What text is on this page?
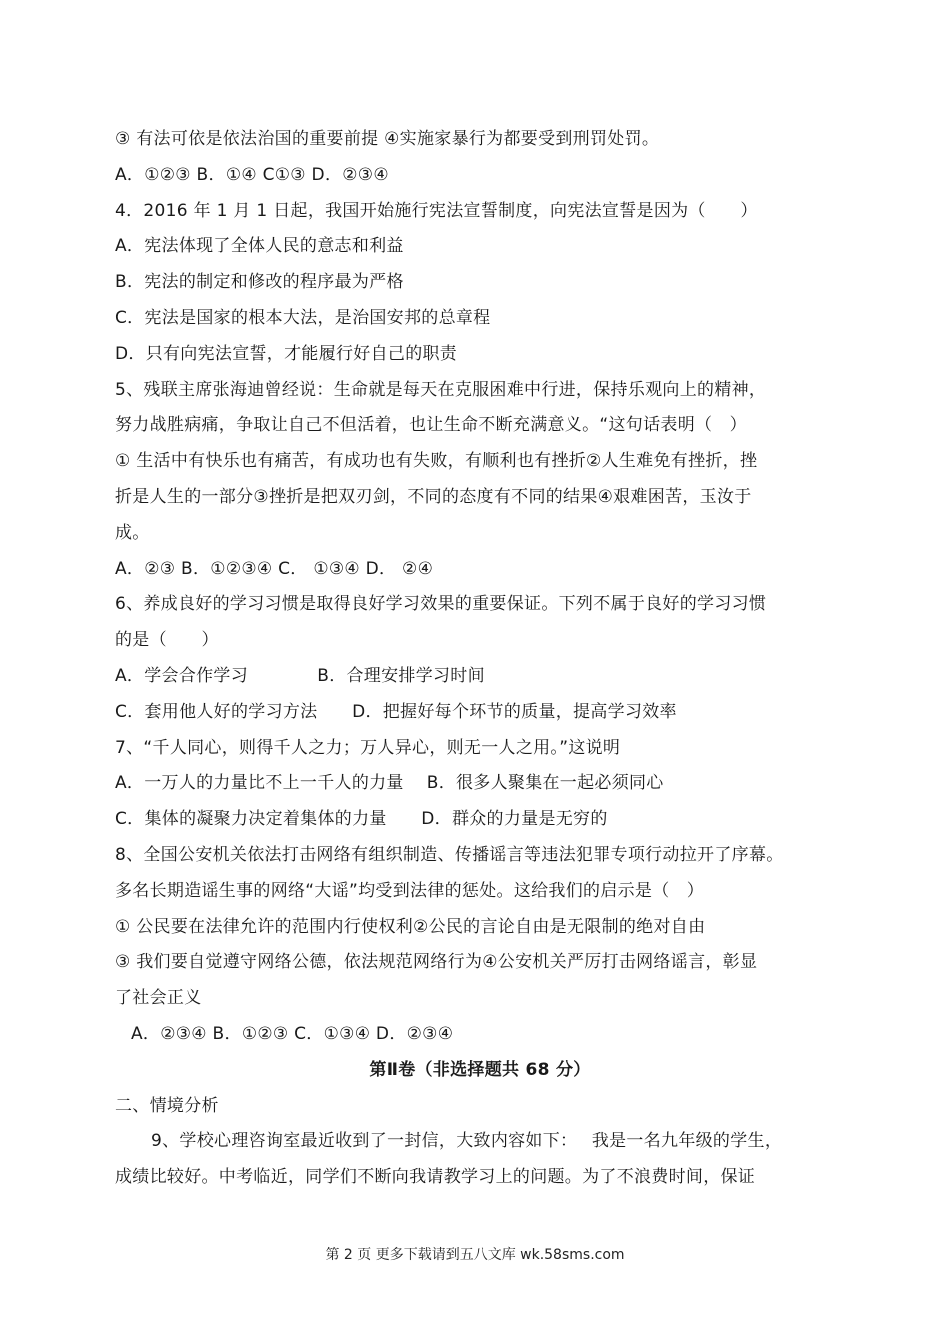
③ 有法可依是依法治国的重要前提 ④实施家暴行为都要受到刑罚处罚。
A．①②③ B．①④ C①③ D．②③④
4．2016 年 1 月 1 日起，我国开始施行宪法宣誓制度，向宪法宣誓是因为（　　）
A．宪法体现了全体人民的意志和利益
B．宪法的制定和修改的程序最为严格
C．宪法是国家的根本大法，是治国安邦的总章程
D．只有向宪法宣誓，才能履行好自己的职责
5、残联主席张海迪曾经说：生命就是每天在克服困难中行进，保持乐观向上的精神，
努力战胜病痛，争取让自己不但活着，也让生命不断充满意义。“这句话表明（　）
① 生活中有快乐也有痛苦，有成功也有失败，有顺利也有挫折②人生难免有挫折，挫
折是人生的一部分③挫折是把双刃剑，不同的态度有不同的结果④艰难困苦，玉汝于
成。
A．②③ B．①②③④ C． ①③④ D． ②④
6、养成良好的学习习惯是取得良好学习效果的重要保证。下列不属于良好的学习习惯
的是（　　）
A．学会合作学习　　　　B．合理安排学习时间
C．套用他人好的学习方法　　D．把握好每个环节的质量，提高学习效率
7、“千人同心，则得千人之力；万人异心，则无一人之用。”这说明
A．一万人的力量比不上一千人的力量　 B．很多人聚集在一起必须同心
C．集体的凝聚力决定着集体的力量　　D．群众的力量是无穷的
8、全国公安机关依法打击网络有组织制造、传播谣言等违法犯罪专项行动拉开了序幕。
多名长期造谣生事的网络“大谣”均受到法律的惩处。这给我们的启示是（　）
① 公民要在法律允许的范围内行使权利②公民的言论自由是无限制的绝对自由
③ 我们要自觉遵守网络公德，依法规范网络行为④公安机关严厉打击网络谣言，彰显
了社会正义
A．②③④ B．①②③ C．①③④ D．②③④
第Ⅱ卷（非选择题共 68 分）
二、情境分析
9、学校心理咨询室最近收到了一封信，大致内容如下：　 我是一名九年级的学生，
成绩比较好。中考临近，同学们不断向我请教学习上的问题。为了不浪费时间，保证
第 2 页 更多下载请到五八文库 wk.58sms.com
